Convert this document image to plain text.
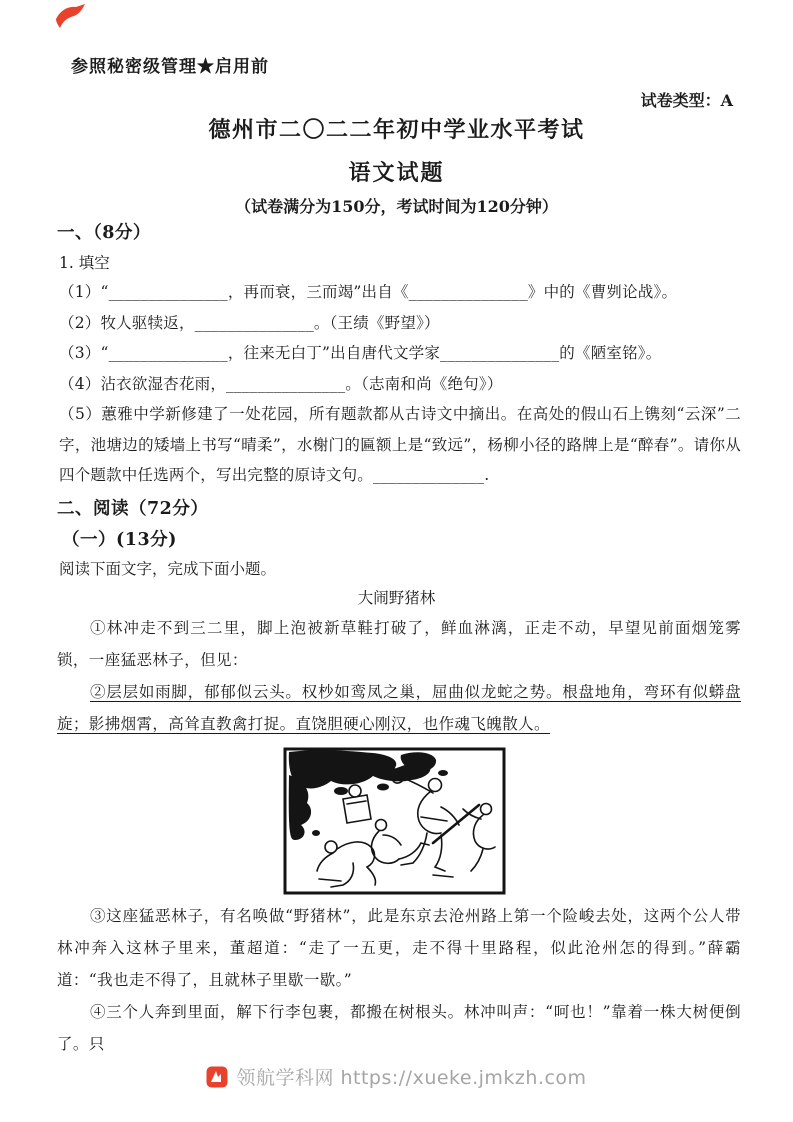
参照秘密级管理★启用前
试卷类型：A
德州市二〇二二年初中学业水平考试
语文试题
（试卷满分为150分，考试时间为120分钟）
一、（8分）
1. 填空

（1）“_______________，再而衰，三而竭”出自《_______________》中的《曹刿论战》。

（2）牧人驱犊返，_______________。（王绩《野望》）

（3）“_______________，往来无白丁”出自唐代文学家_______________的《陋室铭》。

（4）沾衣欲湿杏花雨，_______________。（志南和尚《绝句》）

（5）蕙雅中学新修建了一处花园，所有题款都从古诗文中摘出。在高处的假山石上镌刻“云深”二字，池塘边的矮墙上书写“晴柔”，水榭门的匾额上是“致远”，杨柳小径的路牌上是“醉春”。请你从四个题款中任选两个，写出完整的原诗文句。______________.

二、阅读（72分）
（一）(13分)
阅读下面文字，完成下面小题。
大闹野猪林
①林冲走不到三二里，脚上泡被新草鞋打破了，鲜血淋漓，正走不动，早望见前面烟笼雾锁，一座猛恶林子，但见：
②层层如雨脚，郁郁似云头。权杪如鸾凤之巢，屈曲似龙蛇之势。根盘地角，弯环有似蟒盘旋；影拂烟霄，高耸直教禽打捉。直饶胆硬心刚汉，也作魂飞魄散人。
③这座猛恶林子，有名唤做“野猪林”，此是东京去沧州路上第一个险峻去处，这两个公人带林冲奔入这林子里来，董超道：“走了一五更，走不得十里路程，似此沧州怎的得到。”薛霸道：“我也走不得了，且就林子里歇一歇。”
④三个人奔到里面，解下行李包裹，都搬在树根头。林冲叫声：“呵也！”靠着一株大树便倒了。只
领航学科网 https://xueke.jmkzh.com
